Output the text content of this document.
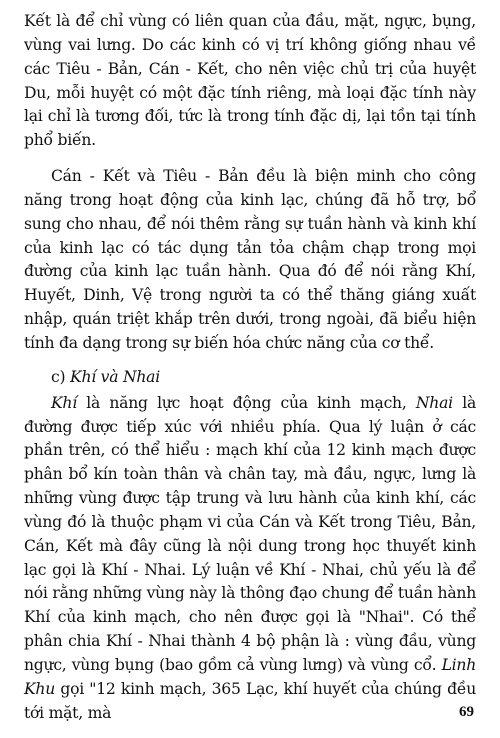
Kết là để chỉ vùng có liên quan của đầu, mặt, ngực, bụng, vùng vai lưng. Do các kinh có vị trí không giống nhau về các Tiêu - Bản, Cán - Kết, cho nên việc chủ trị của huyệt Du, mỗi huyệt có một đặc tính riêng, mà loại đặc tính này lại chỉ là tương đối, tức là trong tính đặc dị, lại tồn tại tính phổ biến.

Cán - Kết và Tiêu - Bản đều là biện minh cho công năng trong hoạt động của kinh lạc, chúng đã hỗ trợ, bổ sung cho nhau, để nói thêm rằng sự tuần hành và kinh khí của kinh lạc có tác dụng tản tỏa chậm chạp trong mọi đường của kinh lạc tuần hành. Qua đó để nói rằng Khí, Huyết, Dinh, Vệ trong người ta có thể thăng giáng xuất nhập, quán triệt khắp trên dưới, trong ngoài, đã biểu hiện tính đa dạng trong sự biến hóa chức năng của cơ thể.

c) Khí và Nhai

Khí là năng lực hoạt động của kinh mạch, Nhai là đường được tiếp xúc với nhiều phía. Qua lý luận ở các phần trên, có thể hiểu : mạch khí của 12 kinh mạch được phân bổ kín toàn thân và chân tay, mà đầu, ngực, lưng là những vùng được tập trung và lưu hành của kinh khí, các vùng đó là thuộc phạm vi của Cán và Kết trong Tiêu, Bản, Cán, Kết mà đây cũng là nội dung trong học thuyết kinh lạc gọi là Khí - Nhai. Lý luận về Khí - Nhai, chủ yếu là để nói rằng những vùng này là thông đạo chung để tuần hành Khí của kinh mạch, cho nên được gọi là "Nhai". Có thể phân chia Khí - Nhai thành 4 bộ phận là : vùng đầu, vùng ngực, vùng bụng (bao gồm cả vùng lưng) và vùng cổ. Linh Khu gọi "12 kinh mạch, 365 Lạc, khí huyết của chúng đều tới mặt, mà	69
